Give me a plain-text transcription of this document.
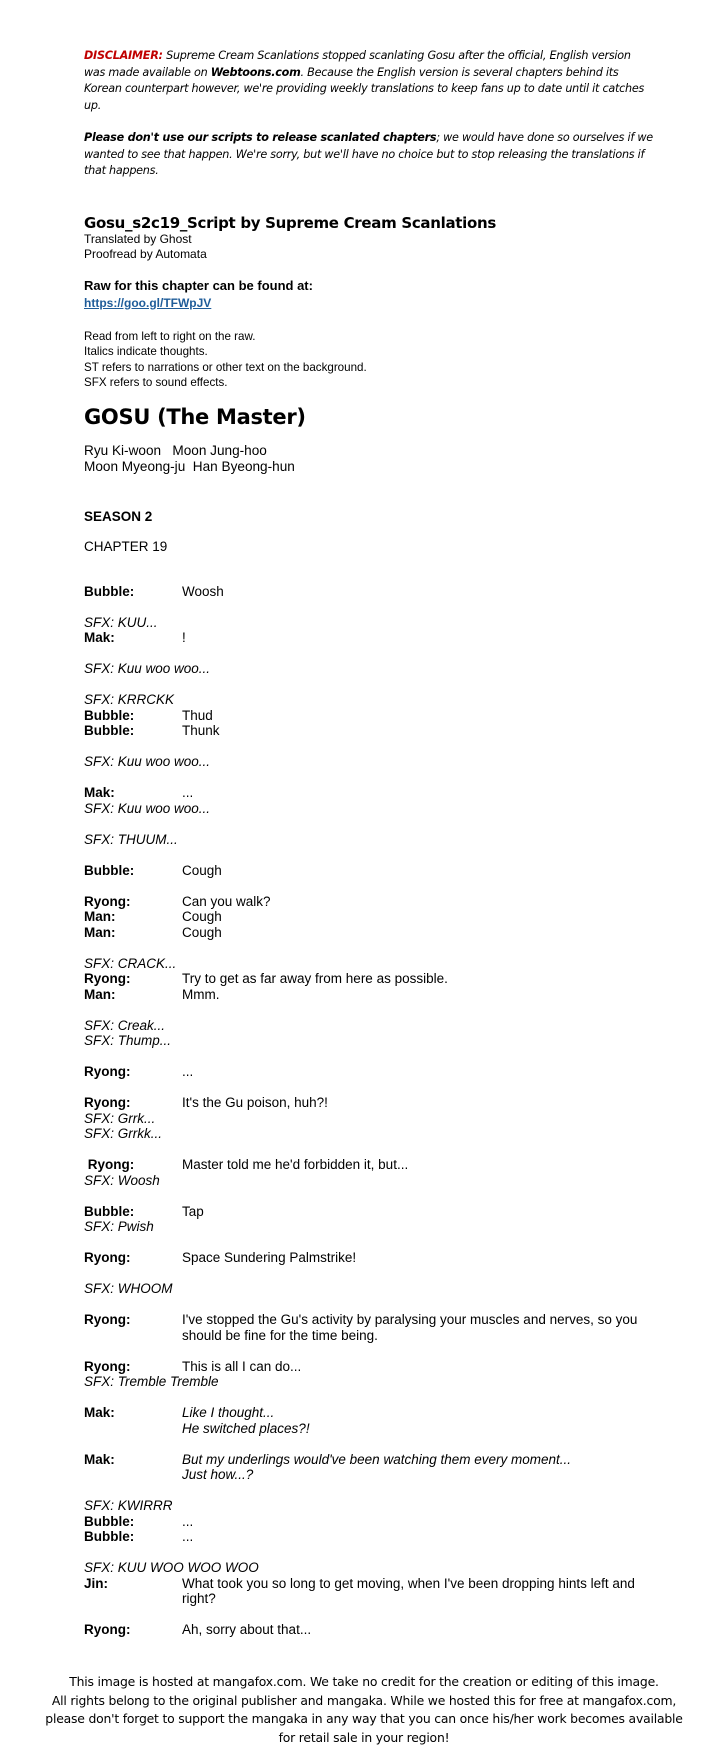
DISCLAIMER: Supreme Cream Scanlations stopped scanlating Gosu after the official, English version was made available on Webtoons.com. Because the English version is several chapters behind its Korean counterpart however, we're providing weekly translations to keep fans up to date until it catches up.

Please don't use our scripts to release scanlated chapters; we would have done so ourselves if we wanted to see that happen. We're sorry, but we'll have no choice but to stop releasing the translations if that happens.

Gosu_s2c19_Script by Supreme Cream Scanlations
Translated by Ghost
Proofread by Automata
Raw for this chapter can be found at:
https://goo.gl/TFWpJV
Read from left to right on the raw.
Italics indicate thoughts.
ST refers to narrations or other text on the background.
SFX refers to sound effects.
GOSU (The Master)
Ryu Ki-woon   Moon Jung-hoo
Moon Myeong-ju  Han Byeong-hun
SEASON 2
CHAPTER 19
Bubble:	Woosh
SFX: KUU...
Mak:	!
SFX: Kuu woo woo...
SFX: KRRCKK
Bubble:	Thud
Bubble:	Thunk
SFX: Kuu woo woo...
Mak:	...
SFX: Kuu woo woo...
SFX: THUUM...
Bubble:	Cough
Ryong:	Can you walk?
Man:	Cough
Man:	Cough
SFX: CRACK...
Ryong:	Try to get as far away from here as possible.
Man:	Mmm.
SFX: Creak...
SFX: Thump...
Ryong:	...
Ryong:	It's the Gu poison, huh?!
SFX: Grrk...
SFX: Grrkk...
Ryong:	Master told me he'd forbidden it, but...
SFX: Woosh
Bubble:	Tap
SFX: Pwish
Ryong:	Space Sundering Palmstrike!
SFX: WHOOM
Ryong:	I've stopped the Gu's activity by paralysing your muscles and nerves, so you should be fine for the time being.
Ryong:	This is all I can do...
SFX: Tremble Tremble
Mak:	Like I thought...
He switched places?!
Mak:	But my underlings would've been watching them every moment...
Just how...?
SFX: KWIRRR
Bubble:	...
Bubble:	...
SFX: KUU WOO WOO WOO
Jin:	What took you so long to get moving, when I've been dropping hints left and right?
Ryong:	Ah, sorry about that...
This image is hosted at mangafox.com. We take no credit for the creation or editing of this image.
All rights belong to the original publisher and mangaka. While we hosted this for free at mangafox.com,
please don't forget to support the mangaka in any way that you can once his/her work becomes available
for retail sale in your region!
